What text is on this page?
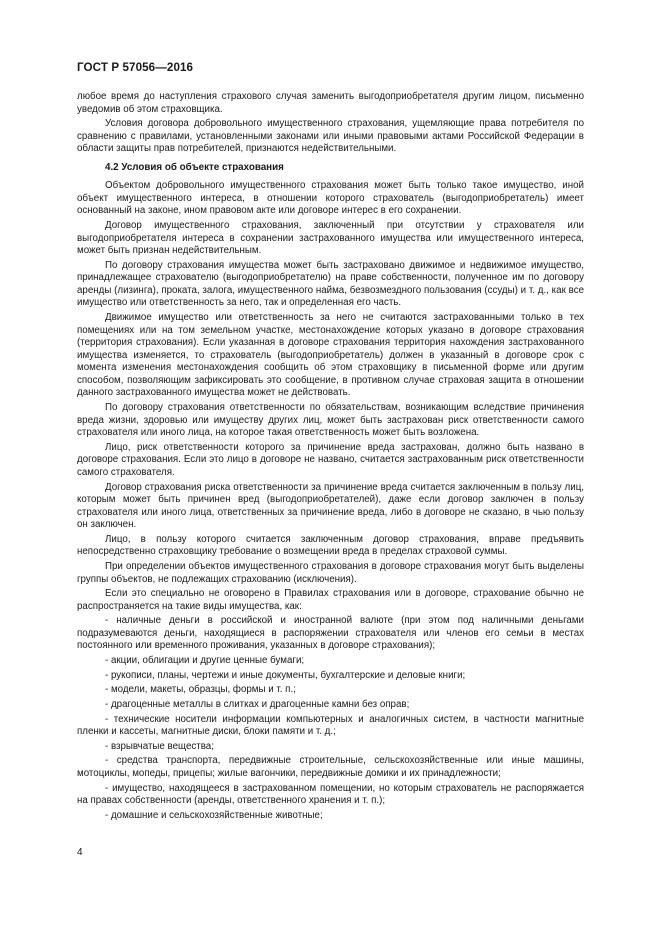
ГОСТ Р 57056—2016

любое время до наступления страхового случая заменить выгодоприобретателя другим лицом, письменно уведомив об этом страховщика.

Условия договора добровольного имущественного страхования, ущемляющие права потребителя по сравнению с правилами, установленными законами или иными правовыми актами Российской Федерации в области защиты прав потребителей, признаются недействительными.

4.2 Условия об объекте страхования

Объектом добровольного имущественного страхования может быть только такое имущество, иной объект имущественного интереса, в отношении которого страхователь (выгодоприобретатель) имеет основанный на законе, ином правовом акте или договоре интерес в его сохранении.

Договор имущественного страхования, заключенный при отсутствии у страхователя или выгодоприобретателя интереса в сохранении застрахованного имущества или имущественного интереса, может быть признан недействительным.

По договору страхования имущества может быть застраховано движимое и недвижимое имущество, принадлежащее страхователю (выгодоприобретателю) на праве собственности, полученное им по договору аренды (лизинга), проката, залога, имущественного найма, безвозмездного пользования (ссуды) и т. д., как все имущество или ответственность за него, так и определенная его часть.

Движимое имущество или ответственность за него не считаются застрахованными только в тех помещениях или на том земельном участке, местонахождение которых указано в договоре страхования (территория страхования). Если указанная в договоре страхования территория нахождения застрахованного имущества изменяется, то страхователь (выгодоприобретатель) должен в указанный в договоре срок с момента изменения местонахождения сообщить об этом страховщику в письменной форме или другим способом, позволяющим зафиксировать это сообщение, в противном случае страховая защита в отношении данного застрахованного имущества может не действовать.

По договору страхования ответственности по обязательствам, возникающим вследствие причинения вреда жизни, здоровью или имуществу других лиц, может быть застрахован риск ответственности самого страхователя или иного лица, на которое такая ответственность может быть возложена.

Лицо, риск ответственности которого за причинение вреда застрахован, должно быть названо в договоре страхования. Если это лицо в договоре не названо, считается застрахованным риск ответственности самого страхователя.

Договор страхования риска ответственности за причинение вреда считается заключенным в пользу лиц, которым может быть причинен вред (выгодоприобретателей), даже если договор заключен в пользу страхователя или иного лица, ответственных за причинение вреда, либо в договоре не сказано, в чью пользу он заключен.

Лицо, в пользу которого считается заключенным договор страхования, вправе предъявить непосредственно страховщику требование о возмещении вреда в пределах страховой суммы.

При определении объектов имущественного страхования в договоре страхования могут быть выделены группы объектов, не подлежащих страхованию (исключения).

Если это специально не оговорено в Правилах страхования или в договоре, страхование обычно не распространяется на такие виды имущества, как:

- наличные деньги в российской и иностранной валюте (при этом под наличными деньгами подразумеваются деньги, находящиеся в распоряжении страхователя или членов его семьи в местах постоянного или временного проживания, указанных в договоре страхования);

- акции, облигации и другие ценные бумаги;

- рукописи, планы, чертежи и иные документы, бухгалтерские и деловые книги;

- модели, макеты, образцы, формы и т. п.;

- драгоценные металлы в слитках и драгоценные камни без оправ;

- технические носители информации компьютерных и аналогичных систем, в частности магнитные пленки и кассеты, магнитные диски, блоки памяти и т. д.;

- взрывчатые вещества;

- средства транспорта, передвижные строительные, сельскохозяйственные или иные машины, мотоциклы, мопеды, прицепы; жилые вагончики, передвижные домики и их принадлежности;

- имущество, находящееся в застрахованном помещении, но которым страхователь не распоряжается на правах собственности (аренды, ответственного хранения и т. п.);

- домашние и сельскохозяйственные животные;

4
